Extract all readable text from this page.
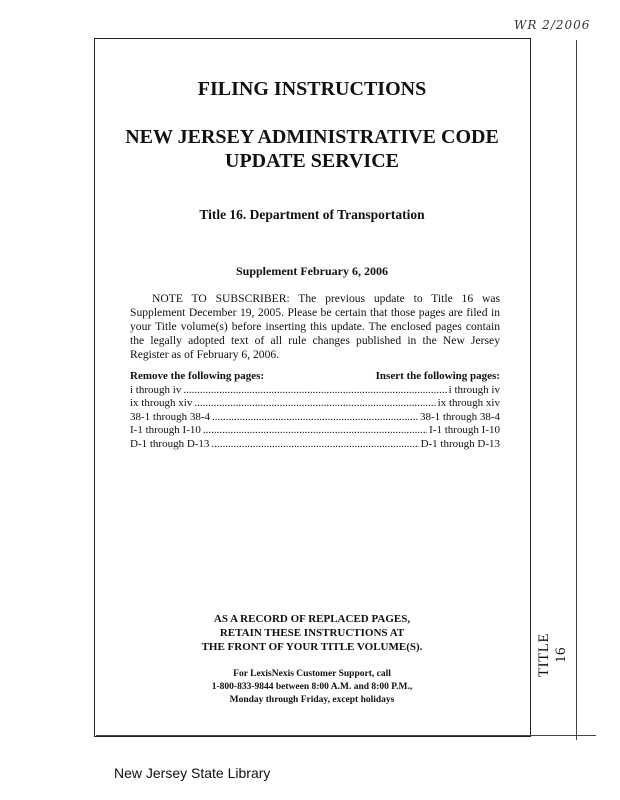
WR 2/2006
TITLE 16
FILING INSTRUCTIONS
NEW JERSEY ADMINISTRATIVE CODE
UPDATE SERVICE
Title 16. Department of Transportation
Supplement February 6, 2006
NOTE TO SUBSCRIBER: The previous update to Title 16 was Supplement December 19, 2005. Please be certain that those pages are filed in your Title volume(s) before inserting this update. The enclosed pages contain the legally adopted text of all rule changes published in the New Jersey Register as of February 6, 2006.
Remove the following pages:	Insert the following pages:
i through iv .....	i through iv
ix through xiv .....	ix through xiv
38-1 through 38-4 .....	38-1 through 38-4
I-1 through I-10 .....	I-1 through I-10
D-1 through D-13 .....	D-1 through D-13
AS A RECORD OF REPLACED PAGES,
RETAIN THESE INSTRUCTIONS AT
THE FRONT OF YOUR TITLE VOLUME(S).
For LexisNexis Customer Support, call
1-800-833-9844 between 8:00 A.M. and 8:00 P.M.,
Monday through Friday, except holidays
New Jersey State Library
